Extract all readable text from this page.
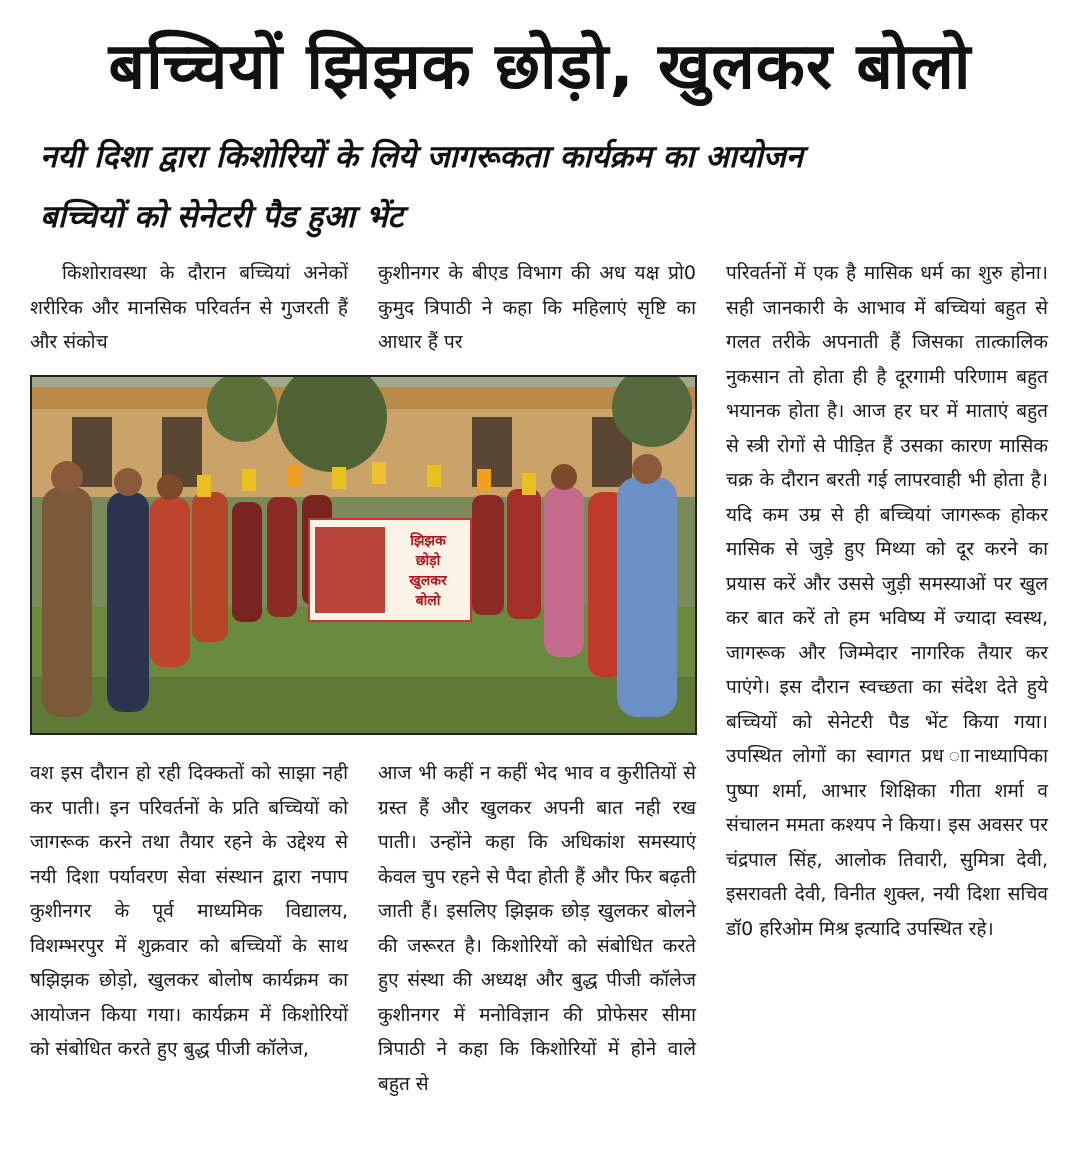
बच्चियों झिझक छोड़ो, खुलकर बोलो
नयी दिशा द्वारा किशोरियों के लिये जागरूकता कार्यक्रम का आयोजन
बच्चियों को सेनेटरी पैड हुआ भेंट
किशोरावस्था के दौरान बच्चियां अनेकों शरीरिक और मानसिक परिवर्तन से गुजरती हैं और संकोच
कुशीनगर के बीएड विभाग की अध यक्ष प्रो0 कुमुद त्रिपाठी ने कहा कि महिलाएं सृष्टि का आधार हैं पर
परिवर्तनों में एक है मासिक धर्म का शुरु होना। सही जानकारी के आभाव में बच्चियां बहुत से गलत तरीके अपनाती हैं जिसका तात्कालिक नुकसान तो होता ही है दूरगामी परिणाम बहुत भयानक होता है। आज हर घर में माताएं बहुत से स्त्री रोगों से पीड़ित हैं उसका कारण मासिक चक्र के दौरान बरती गई लापरवाही भी होता है। यदि कम उम्र से ही बच्चियां जागरूक होकर मासिक से जुड़े हुए मिथ्या को दूर करने का प्रयास करें और उससे जुड़ी समस्याओं पर खुल कर बात करें तो हम भविष्य में ज्यादा स्वस्थ, जागरूक और जिम्मेदार नागरिक तैयार कर पाएंगे। इस दौरान स्वच्छता का संदेश देते हुये बच्चियों को सेनेटरी पैड भेंट किया गया। उपस्थित लोगों का स्वागत प्रध ाानाध्यापिका पुष्पा शर्मा, आभार शिक्षिका गीता शर्मा व संचालन ममता कश्यप ने किया। इस अवसर पर चंद्रपाल सिंह, आलोक तिवारी, सुमित्रा देवी, इसरावती देवी, विनीत शुक्ल, नयी दिशा सचिव डॉ0 हरिओम मिश्र इत्यादि उपस्थित रहे।
झिझक
छोड़ो
खुलकर
बोलो
वश इस दौरान हो रही दिक्कतों को साझा नही कर पाती। इन परिवर्तनों के प्रति बच्चियों को जागरूक करने तथा तैयार रहने के उद्देश्य से नयी दिशा पर्यावरण सेवा संस्थान द्वारा नपाप कुशीनगर के पूर्व माध्यमिक विद्यालय, विशम्भरपुर में शुक्रवार को बच्चियों के साथ षझिझक छोड़ो, खुलकर बोलोष कार्यक्रम का आयोजन किया गया। कार्यक्रम में किशोरियों को संबोधित करते हुए बुद्ध पीजी कॉलेज,
आज भी कहीं न कहीं भेद भाव व कुरीतियों से ग्रस्त हैं और खुलकर अपनी बात नही रख पाती। उन्होंने कहा कि अधिकांश समस्याएं केवल चुप रहने से पैदा होती हैं और फिर बढ़ती जाती हैं। इसलिए झिझक छोड़ खुलकर बोलने की जरूरत है। किशोरियों को संबोधित करते हुए संस्था की अध्यक्ष और बुद्ध पीजी कॉलेज कुशीनगर में मनोविज्ञान की प्रोफेसर सीमा त्रिपाठी ने कहा कि किशोरियों में होने वाले बहुत से
